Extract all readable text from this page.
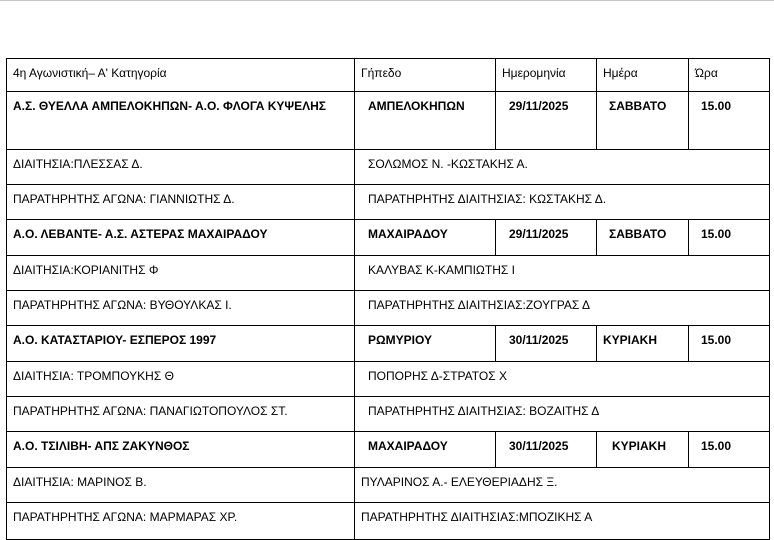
4η Αγωνιστική– Α' Κατηγορία	Γήπεδο	Ημερομηνία	Ημέρα	Ώρα

Α.Σ. ΘΥΕΛΛΑ ΑΜΠΕΛΟΚΗΠΩΝ- Α.Ο. ΦΛΟΓΑ ΚΥΨΕΛΗΣ	ΑΜΠΕΛΟΚΗΠΩΝ	29/11/2025	ΣΑΒΒΑΤΟ	15.00

ΔΙΑΙΤΗΣΙΑ:ΠΛΕΣΣΑΣ Δ.	ΣΟΛΩΜΟΣ Ν. -ΚΩΣΤΑΚΗΣ Α.			

ΠΑΡΑΤΗΡΗΤΗΣ ΑΓΩΝΑ: ΓΙΑΝΝΙΩΤΗΣ Δ.	ΠΑΡΑΤΗΡΗΤΗΣ ΔΙΑΙΤΗΣΙΑΣ: ΚΩΣΤΑΚΗΣ Δ.			

Α.Ο. ΛΕΒΑΝΤΕ- Α.Σ. ΑΣΤΕΡΑΣ ΜΑΧΑΙΡΑΔΟΥ	ΜΑΧΑΙΡΑΔΟΥ	29/11/2025	ΣΑΒΒΑΤΟ	15.00

ΔΙΑΙΤΗΣΙΑ:ΚΟΡΙΑΝΙΤΗΣ Φ	ΚΑΛΥΒΑΣ Κ-ΚΑΜΠΙΩΤΗΣ Ι			

ΠΑΡΑΤΗΡΗΤΗΣ ΑΓΩΝΑ: ΒΥΘΟΥΛΚΑΣ Ι.	ΠΑΡΑΤΗΡΗΤΗΣ ΔΙΑΙΤΗΣΙΑΣ:ΖΟΥΓΡΑΣ Δ			

Α.Ο. ΚΑΤΑΣΤΑΡΙΟΥ- ΕΣΠΕΡΟΣ 1997	ΡΩΜΥΡΙΟΥ	30/11/2025	ΚΥΡΙΑΚΗ	15.00

ΔΙΑΙΤΗΣΙΑ: ΤΡΟΜΠΟΥΚΗΣ Θ	ΠΟΠΟΡΗΣ Δ-ΣΤΡΑΤΟΣ Χ			

ΠΑΡΑΤΗΡΗΤΗΣ ΑΓΩΝΑ: ΠΑΝΑΓΙΩΤΟΠΟΥΛΟΣ ΣΤ.	ΠΑΡΑΤΗΡΗΤΗΣ ΔΙΑΙΤΗΣΙΑΣ: ΒΟΖΑΙΤΗΣ Δ			

Α.Ο. ΤΣΙΛΙΒΗ- ΑΠΣ ΖΑΚΥΝΘΟΣ	ΜΑΧΑΙΡΑΔΟΥ	30/11/2025	ΚΥΡΙΑΚΗ	15.00

ΔΙΑΙΤΗΣΙΑ: ΜΑΡΙΝΟΣ Β.	ΠΥΛΑΡΙΝΟΣ Α.- ΕΛΕΥΘΕΡΙΑΔΗΣ Ξ.			

ΠΑΡΑΤΗΡΗΤΗΣ ΑΓΩΝΑ: ΜΑΡΜΑΡΑΣ ΧΡ.	ΠΑΡΑΤΗΡΗΤΗΣ ΔΙΑΙΤΗΣΙΑΣ:ΜΠΟΖΙΚΗΣ Α			
